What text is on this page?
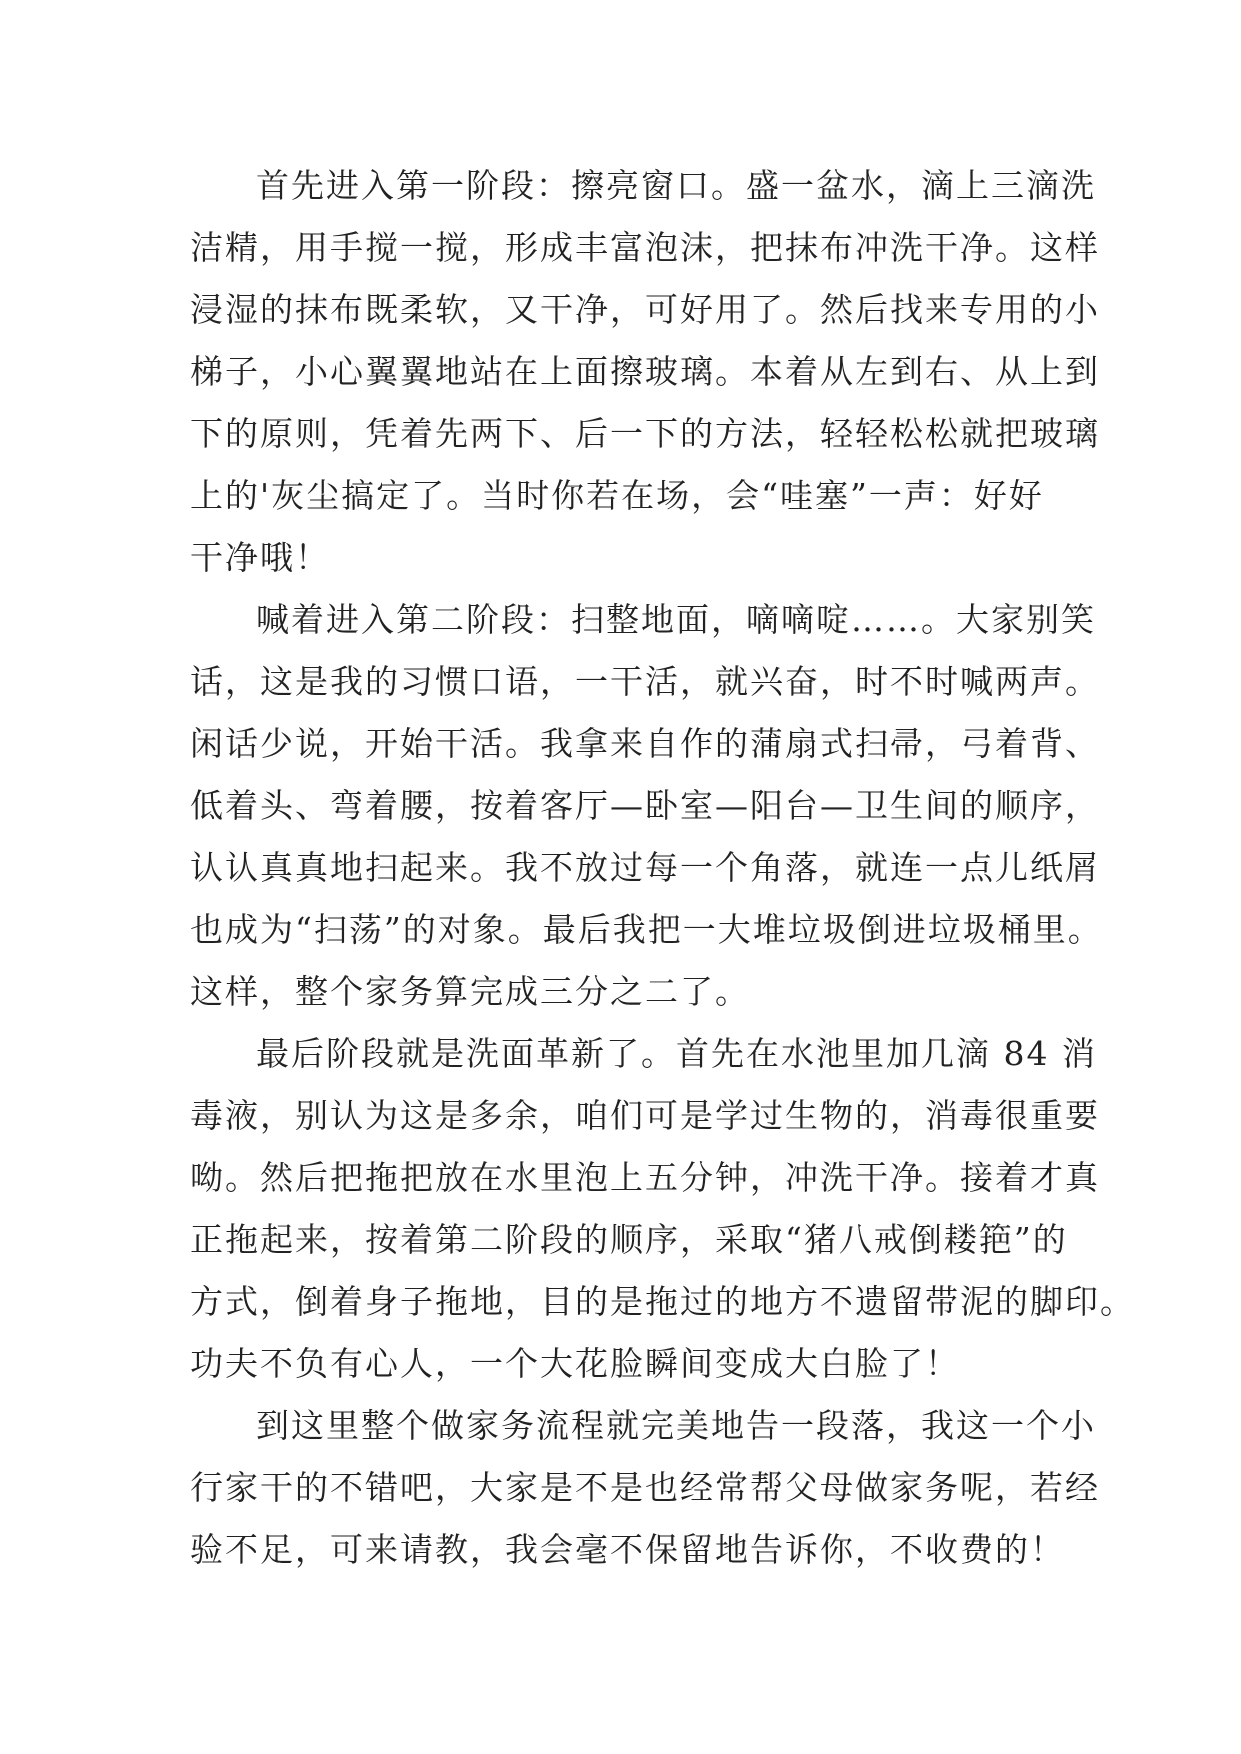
首先进入第一阶段：擦亮窗口。盛一盆水，滴上三滴洗
洁精，用手搅一搅，形成丰富泡沫，把抹布冲洗干净。这样
浸湿的抹布既柔软，又干净，可好用了。然后找来专用的小
梯子，小心翼翼地站在上面擦玻璃。本着从左到右、从上到
下的原则，凭着先两下、后一下的方法，轻轻松松就把玻璃
上的'灰尘搞定了。当时你若在场，会“哇塞”一声：好好
干净哦！
喊着进入第二阶段：扫整地面，嘀嘀啶……。大家别笑
话，这是我的习惯口语，一干活，就兴奋，时不时喊两声。
闲话少说，开始干活。我拿来自作的蒲扇式扫帚，弓着背、
低着头、弯着腰，按着客厅—卧室—阳台—卫生间的顺序，
认认真真地扫起来。我不放过每一个角落，就连一点儿纸屑
也成为“扫荡”的对象。最后我把一大堆垃圾倒进垃圾桶里。
这样，整个家务算完成三分之二了。
最后阶段就是洗面革新了。首先在水池里加几滴 84 消
毒液，别认为这是多余，咱们可是学过生物的，消毒很重要
呦。然后把拖把放在水里泡上五分钟，冲洗干净。接着才真
正拖起来，按着第二阶段的顺序，采取“猪八戒倒耧筢”的
方式，倒着身子拖地，目的是拖过的地方不遗留带泥的脚印。
功夫不负有心人，一个大花脸瞬间变成大白脸了！
到这里整个做家务流程就完美地告一段落，我这一个小
行家干的不错吧，大家是不是也经常帮父母做家务呢，若经
验不足，可来请教，我会毫不保留地告诉你，不收费的！
